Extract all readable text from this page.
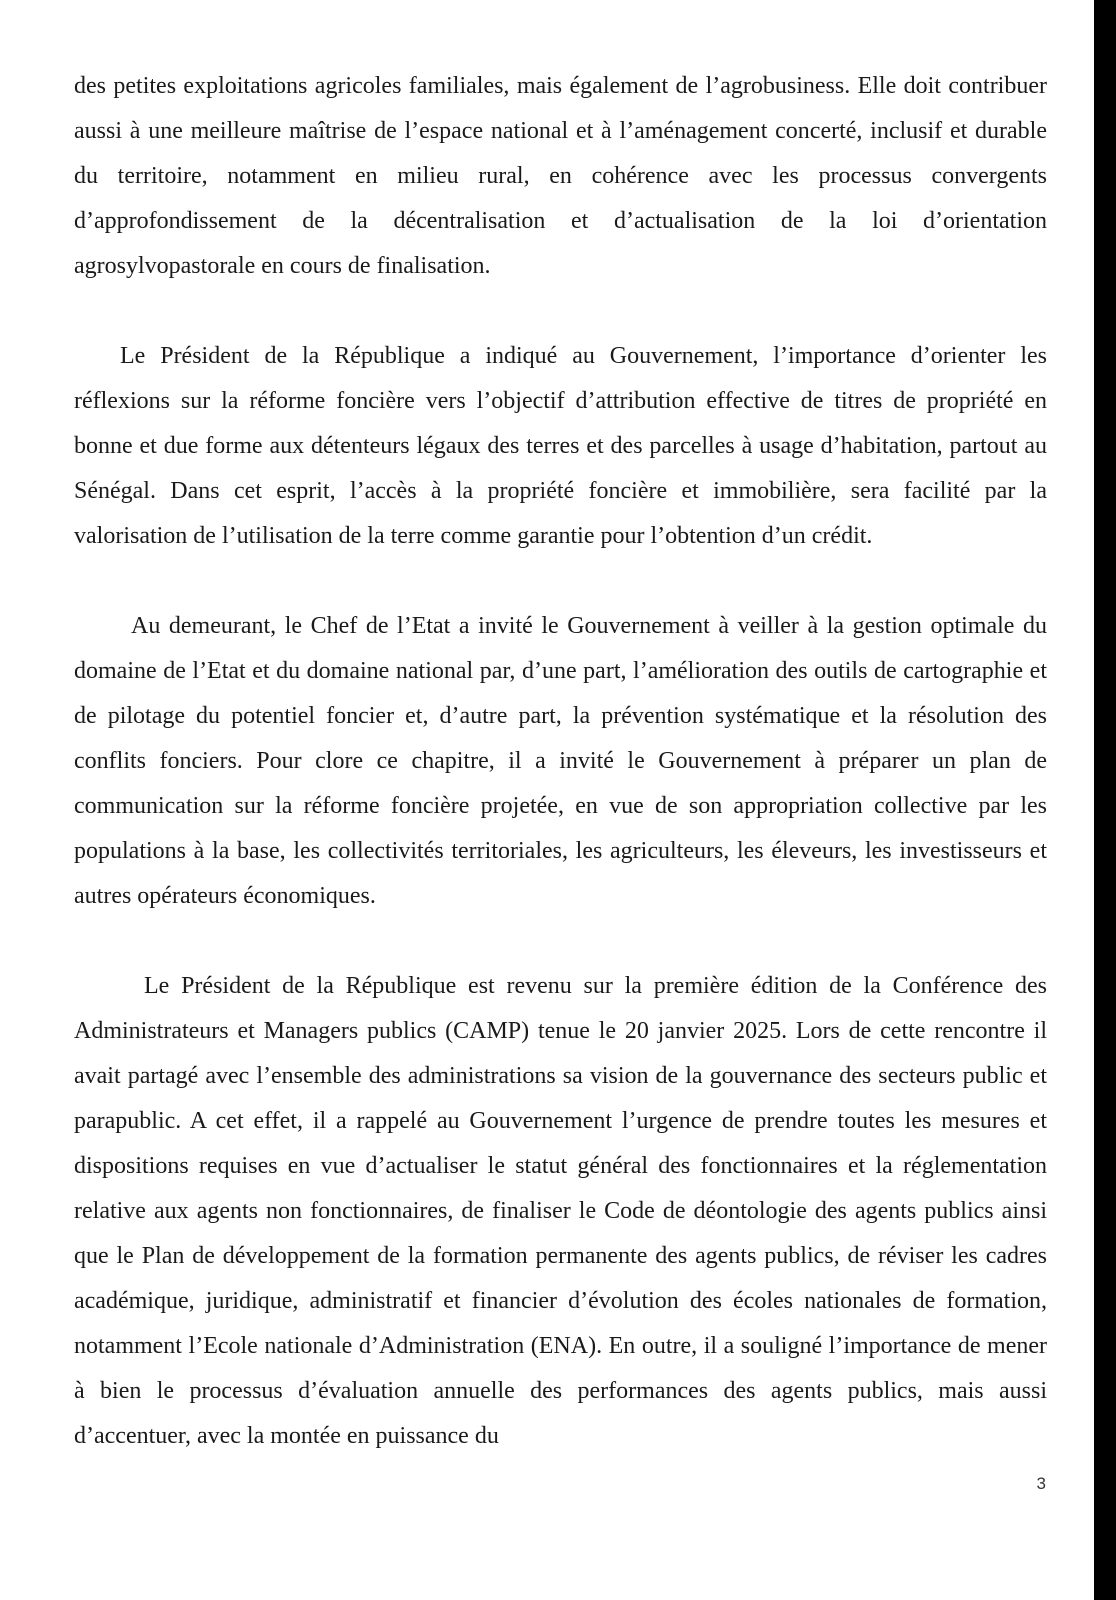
des petites exploitations agricoles familiales, mais également de l’agrobusiness. Elle doit contribuer aussi à une meilleure maîtrise de l’espace national et à l’aménagement concerté, inclusif et durable du territoire, notamment en milieu rural, en cohérence avec les processus convergents d’approfondissement de la décentralisation et d’actualisation de la loi d’orientation agrosylvopastorale en cours de finalisation.

Le Président de la République a indiqué au Gouvernement, l’importance d’orienter les réflexions sur la réforme foncière vers l’objectif d’attribution effective de titres de propriété en bonne et due forme aux détenteurs légaux des terres et des parcelles à usage d’habitation, partout au Sénégal. Dans cet esprit, l’accès à la propriété foncière et immobilière, sera facilité par la valorisation de l’utilisation de la terre comme garantie pour l’obtention d’un crédit.

Au demeurant, le Chef de l’Etat a invité le Gouvernement à veiller à la gestion optimale du domaine de l’Etat et du domaine national par, d’une part, l’amélioration des outils de cartographie et de pilotage du potentiel foncier et, d’autre part, la prévention systématique et la résolution des conflits fonciers. Pour clore ce chapitre, il a invité le Gouvernement à préparer un plan de communication sur la réforme foncière projetée, en vue de son appropriation collective par les populations à la base, les collectivités territoriales, les agriculteurs, les éleveurs, les investisseurs et autres opérateurs économiques.

Le Président de la République est revenu sur la première édition de la Conférence des Administrateurs et Managers publics (CAMP) tenue le 20 janvier 2025. Lors de cette rencontre il avait partagé avec l’ensemble des administrations sa vision de la gouvernance des secteurs public et parapublic. A cet effet, il a rappelé au Gouvernement l’urgence de prendre toutes les mesures et dispositions requises en vue d’actualiser le statut général des fonctionnaires et la réglementation relative aux agents non fonctionnaires, de finaliser le Code de déontologie des agents publics ainsi que le Plan de développement de la formation permanente des agents publics, de réviser les cadres académique, juridique, administratif et financier d’évolution des écoles nationales de formation, notamment l’Ecole nationale d’Administration (ENA). En outre, il a souligné l’importance de mener à bien le processus d’évaluation annuelle des performances des agents publics, mais aussi d’accentuer, avec la montée en puissance du

3
